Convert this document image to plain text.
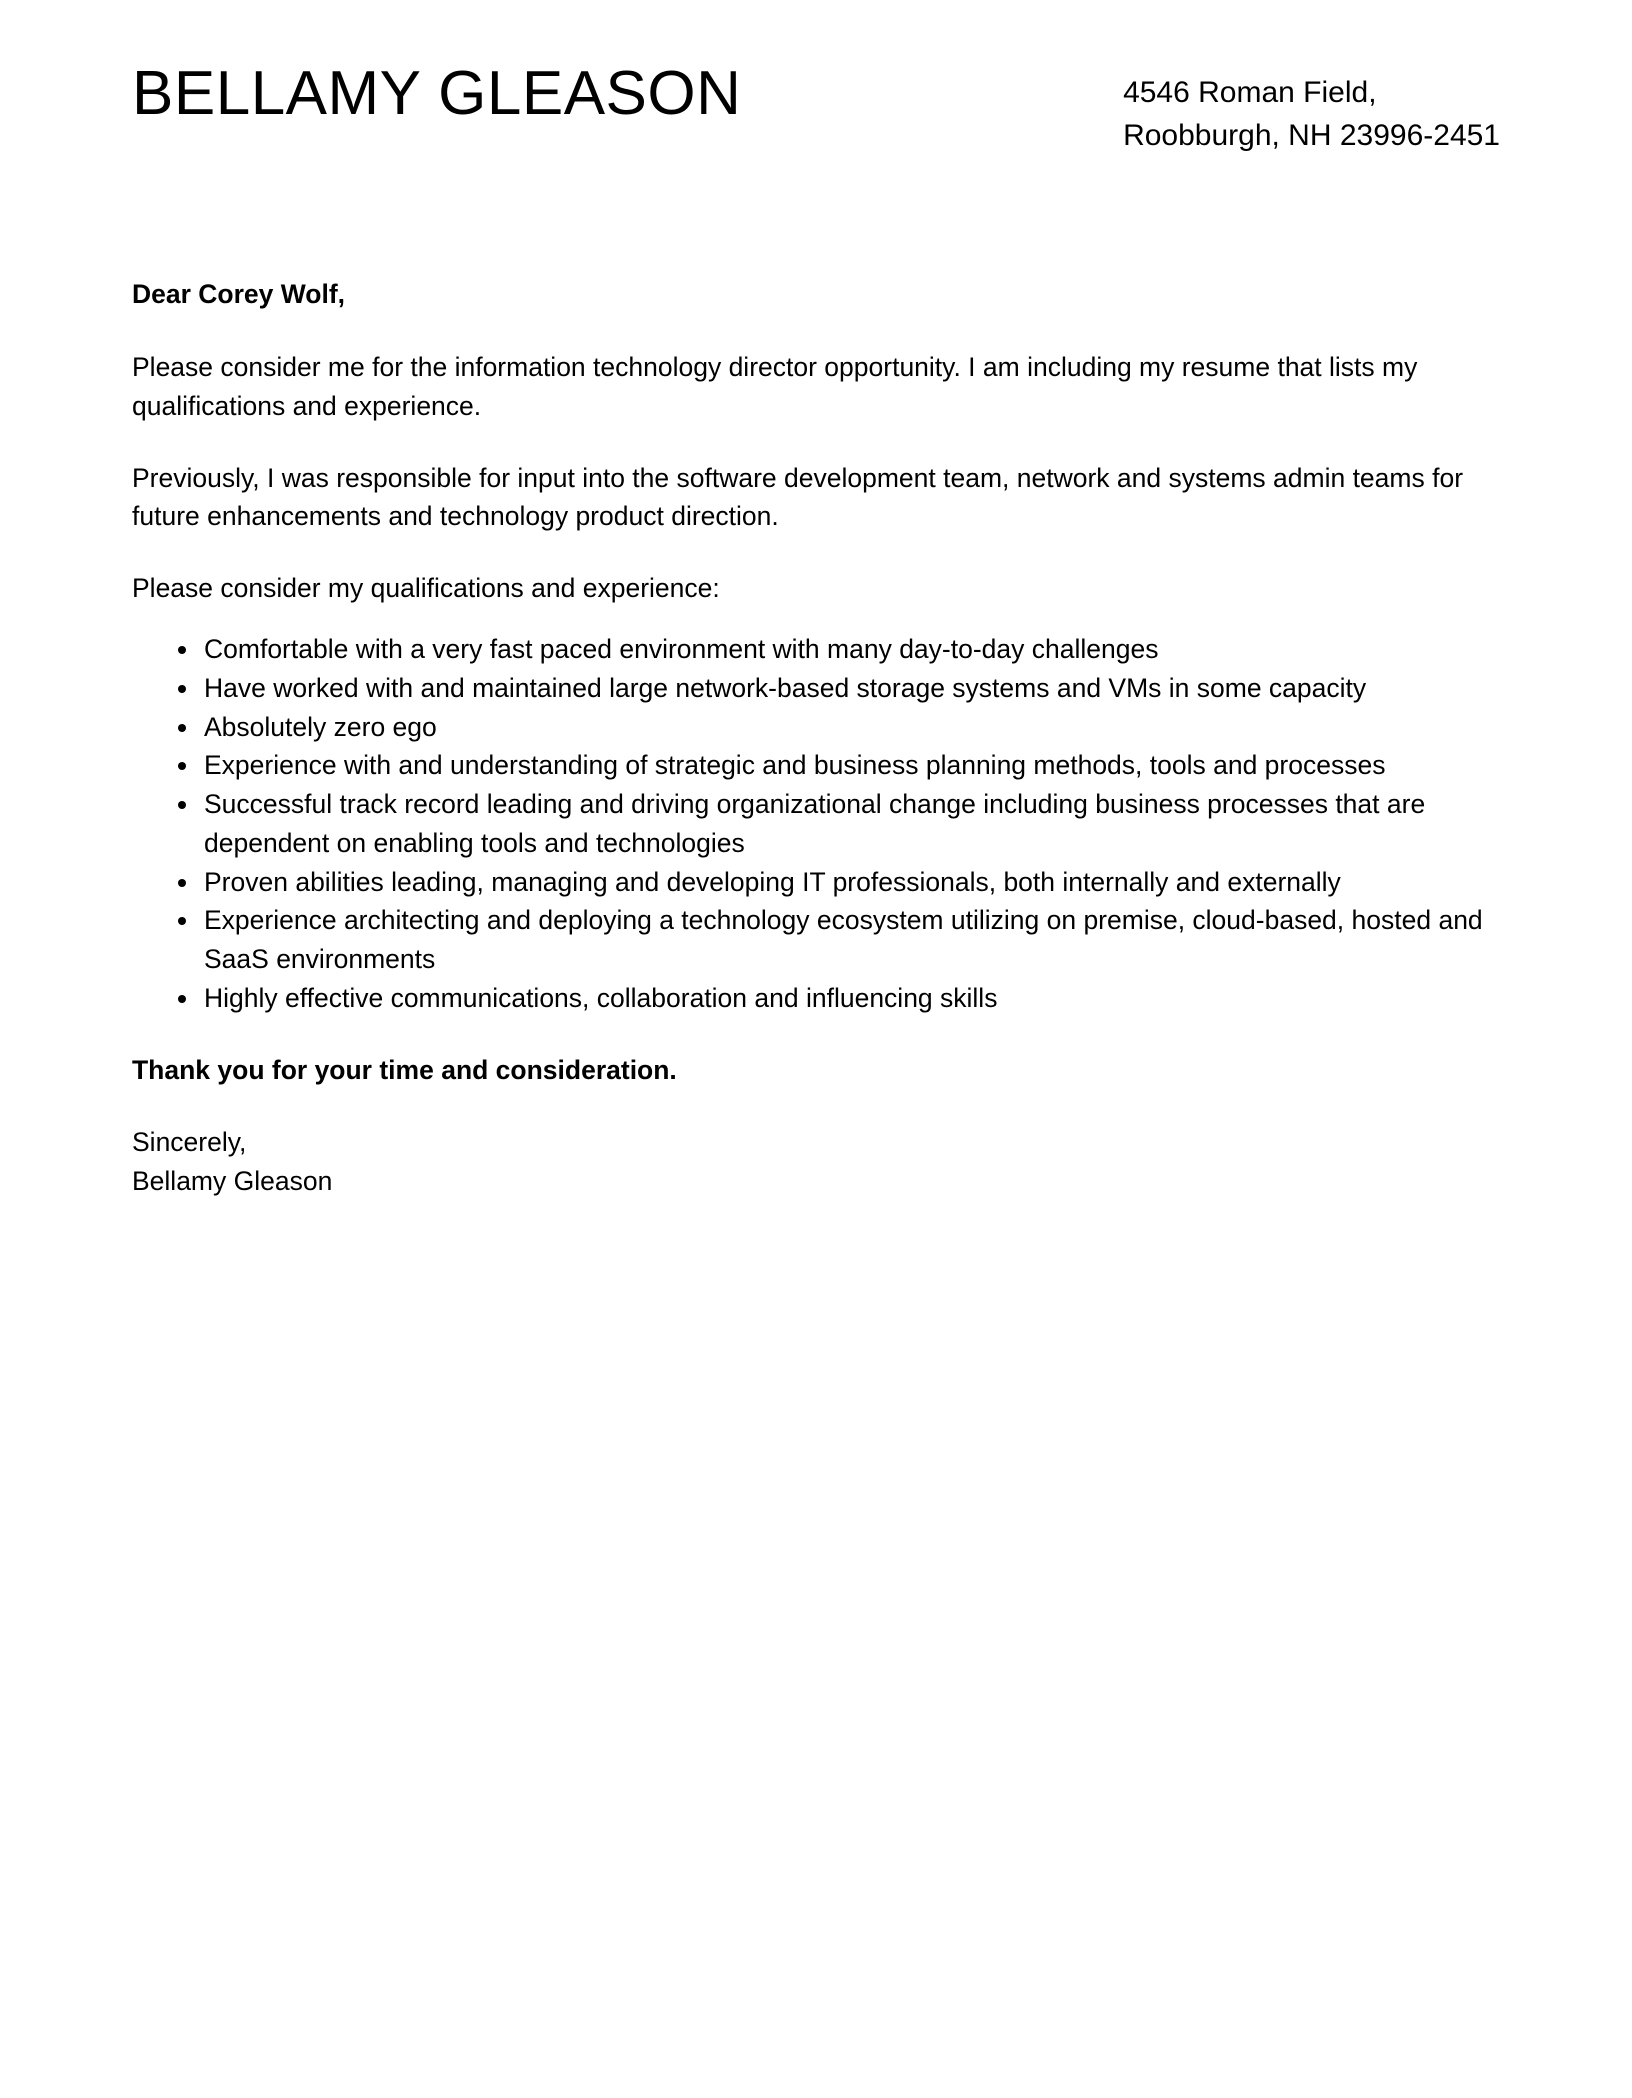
BELLAMY GLEASON	4546 Roman Field,
Roobburgh, NH 23996-2451

Dear Corey Wolf,

Please consider me for the information technology director opportunity. I am including my resume that lists my qualifications and experience.

Previously, I was responsible for input into the software development team, network and systems admin teams for future enhancements and technology product direction.

Please consider my qualifications and experience:

Comfortable with a very fast paced environment with many day-to-day challenges
Have worked with and maintained large network-based storage systems and VMs in some capacity
Absolutely zero ego
Experience with and understanding of strategic and business planning methods, tools and processes
Successful track record leading and driving organizational change including business processes that are dependent on enabling tools and technologies
Proven abilities leading, managing and developing IT professionals, both internally and externally
Experience architecting and deploying a technology ecosystem utilizing on premise, cloud-based, hosted and SaaS environments
Highly effective communications, collaboration and influencing skills

Thank you for your time and consideration.

Sincerely,
Bellamy Gleason
